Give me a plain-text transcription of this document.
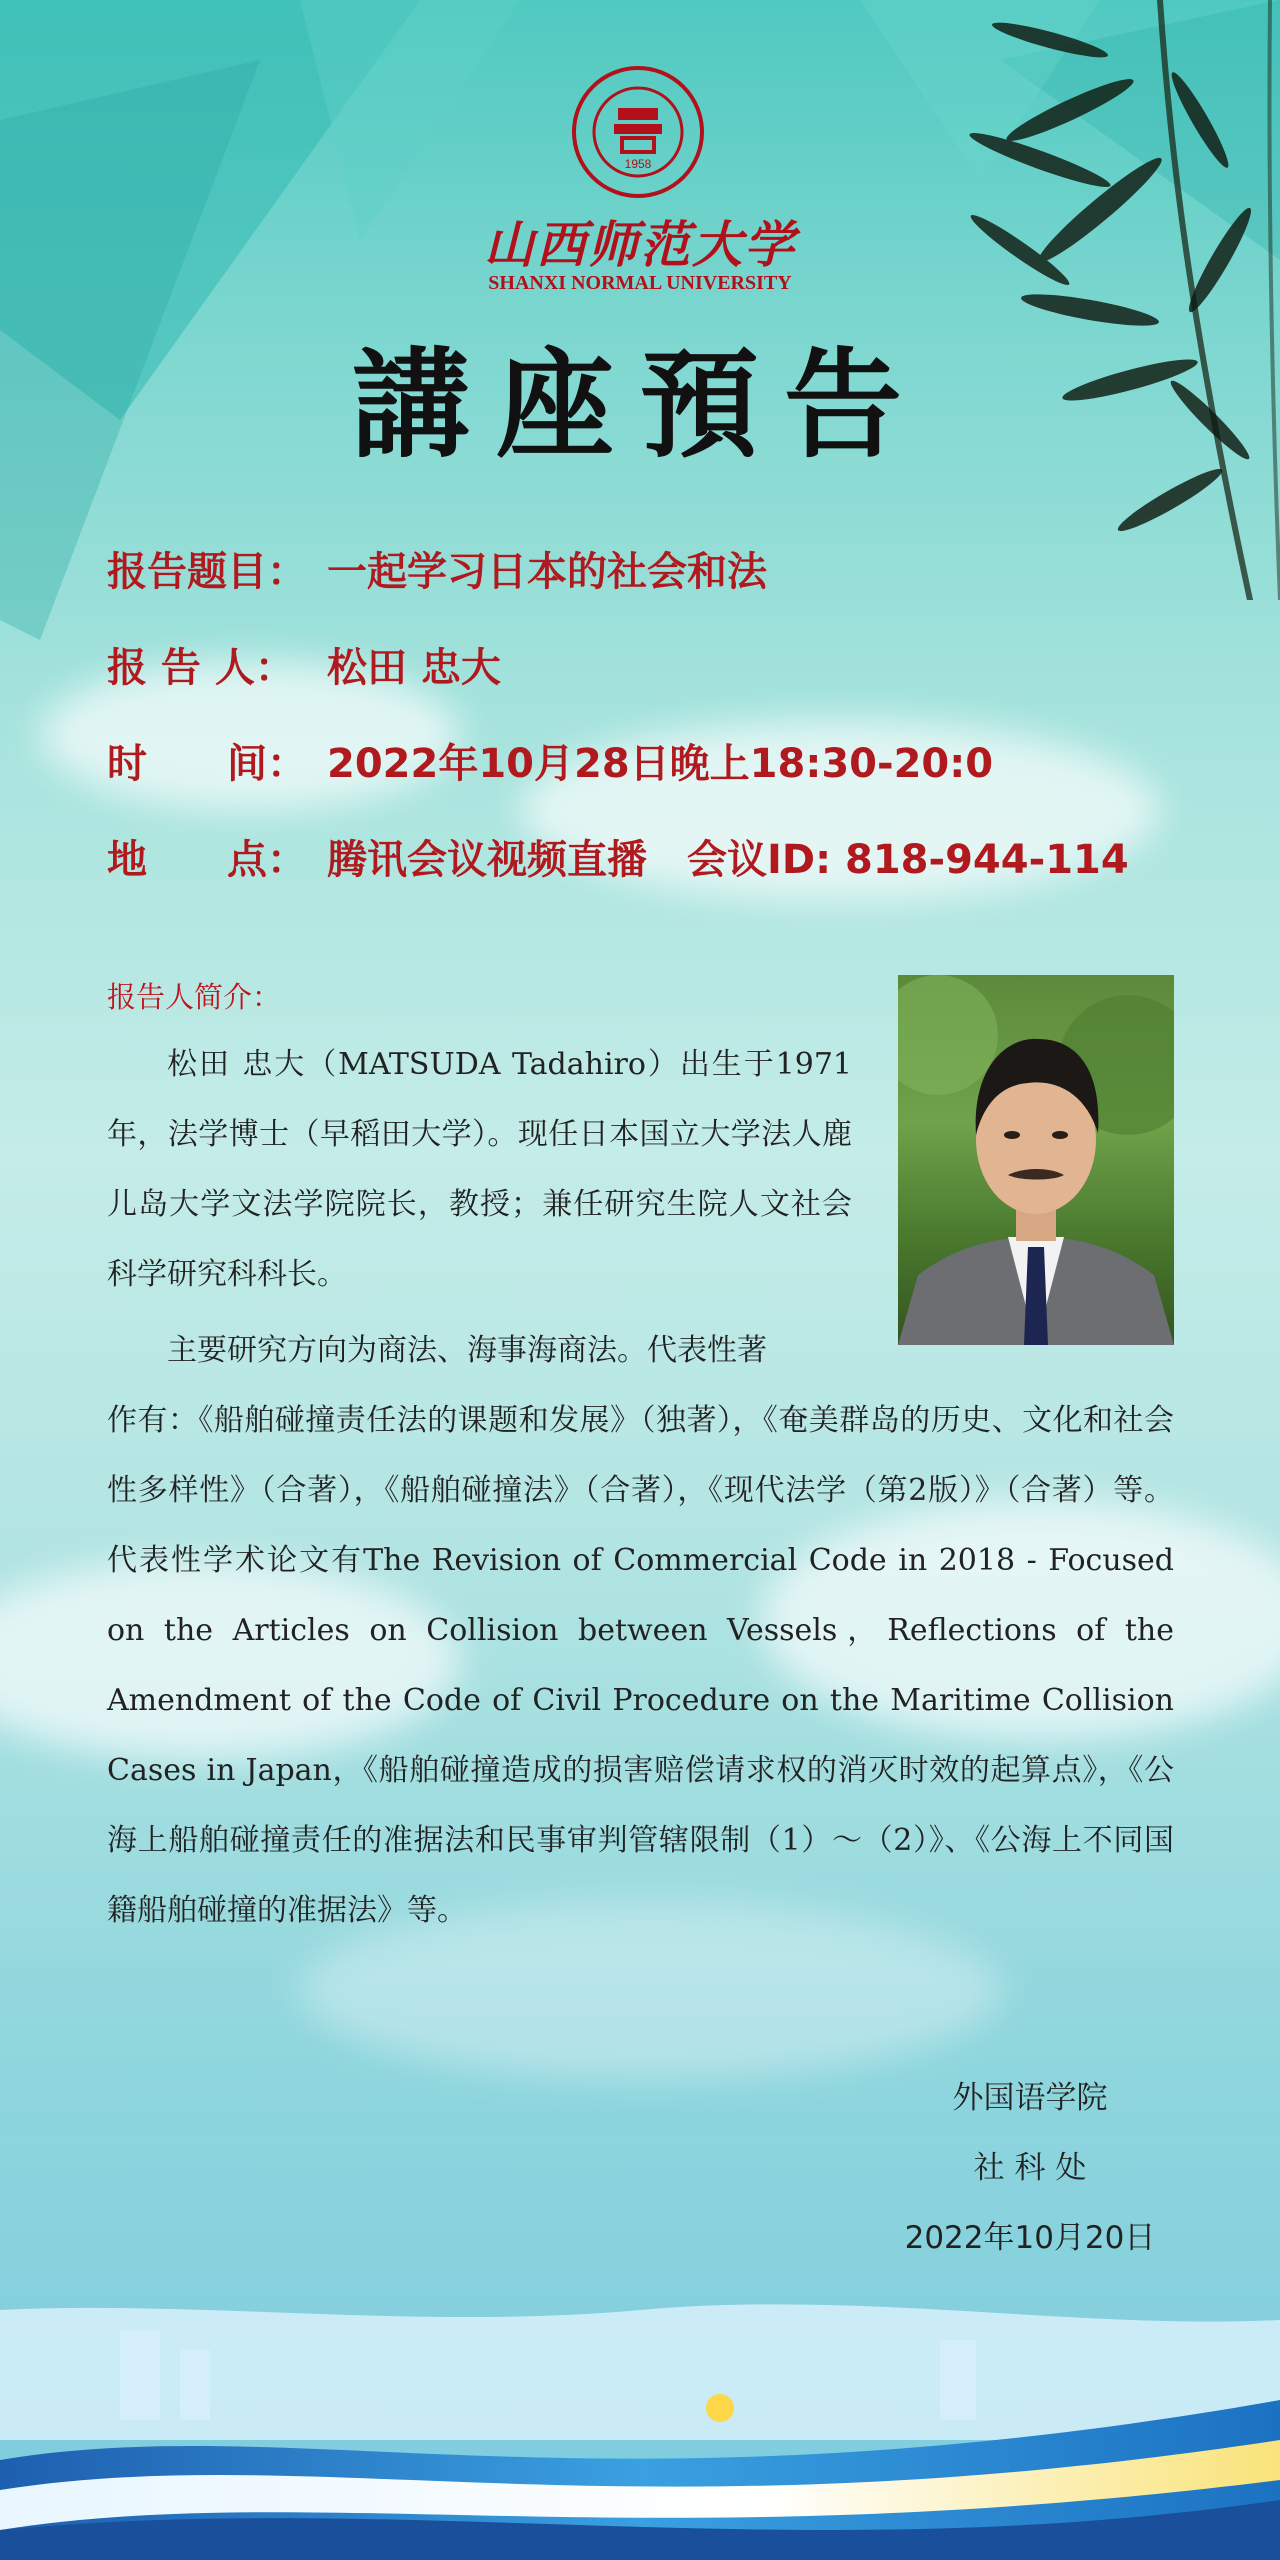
1958
山西师范大学
SHANXI NORMAL UNIVERSITY
講座預告
报告题目： 一起学习日本的社会和法
报 告 人： 松田 忠大
时　　间： 2022年10月28日晚上18:30-20:0
地　　点： 腾讯会议视频直播　会议ID: 818-944-114
报告人简介：
松田 忠大（MATSUDA Tadahiro）出生于1971年，法学博士（早稻田大学）。现任日本国立大学法人鹿儿岛大学文法学院院长，教授；兼任研究生院人文社会科学研究科科长。
主要研究方向为商法、海事海商法。代表性著
作有：《船舶碰撞责任法的课题和发展》（独著），《奄美群岛的历史、文化和社会性多样性》（合著），《船舶碰撞法》（合著），《现代法学（第2版）》（合著）等。代表性学术论文有The Revision of Commercial Code in 2018 - Focused on the Articles on Collision between Vessels，Reflections of the Amendment of the Code of Civil Procedure on the Maritime Collision Cases in Japan，《船舶碰撞造成的损害赔偿请求权的消灭时效的起算点》，《公海上船舶碰撞责任的准据法和民事审判管辖限制（1）～（2）》、《公海上不同国籍船舶碰撞的准据法》等。
外国语学院
社 科 处
2022年10月20日
